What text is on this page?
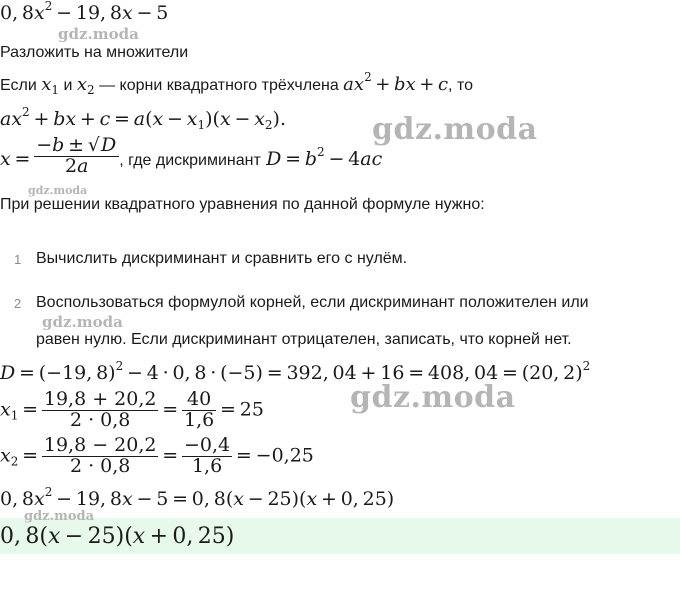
0, $8x^2 - 19$, 8x − 5
gdz.moda
Разложить на множители
Если $x_1$ и $x_2$ — корни квадратного трёхчлена $ax^2$ + bx + c, то
$ax^2$ + bx + $c = a(x - x_1)(x - x_2)$.	gdz.moda
$x = \frac{-b \pm √D}{2a}$ , где дискриминант $D = b^2 - 4ac$
gdz.moda
При решении квадратного уравнения по данной формуле нужно:
1 Вычислить дискриминант и сравнить его с нулём.
2 Воспользоваться формулой корней, если дискриминант положителен или
равен нулю. Если дискриминант отрицателен, записать, что корней нет.
gdz.moda
D = (−19, 8)$^2$ − 4 · 0, 8 · (−5) = 392, 04 + 16 = 408, 04 = (20, 2)$^2$
gdz.moda
$x_1 = \frac{19,8 + 20,2}{2 \cdot 0,8} = \frac{40}{1,6} = 25$
$x_2 = \frac{19,8 - 20,2}{2 \cdot 0,8} = \frac{-0,4}{1,6} = -0,25$
0, $8x^2 - 19$, 8x − 5 = 0, 8(x − 25)(x + 0, 25)
gdz.moda
0, 8(x − 25)(x + 0, 25)
